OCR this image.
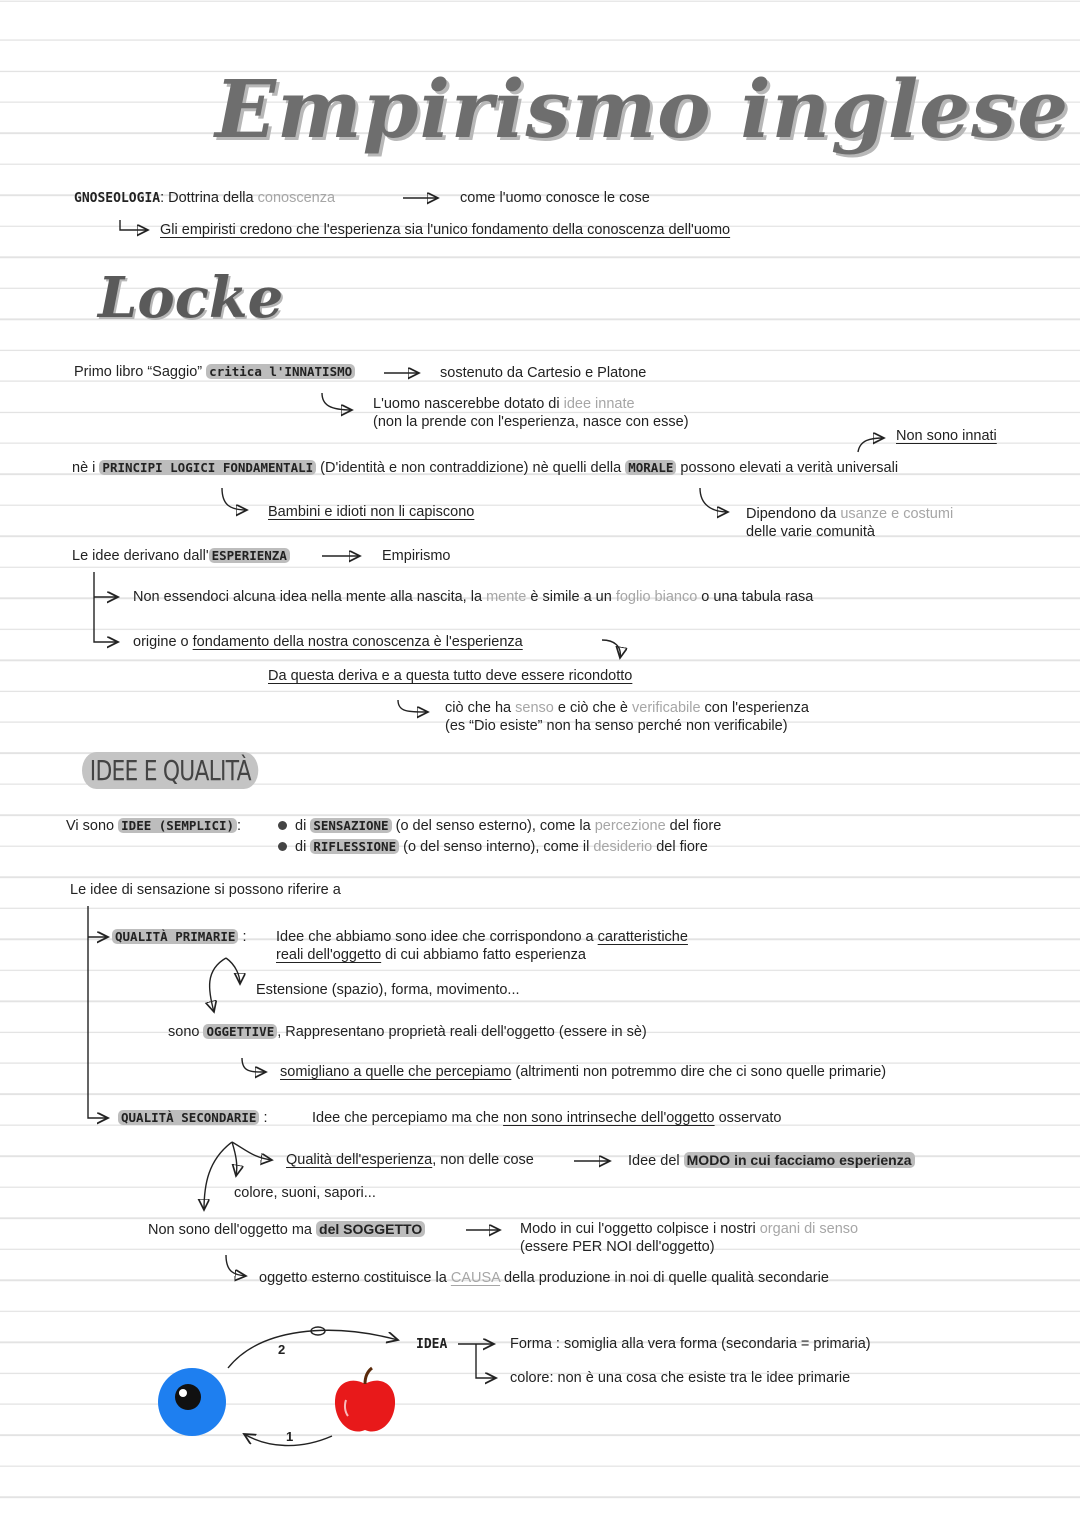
Empirismo inglese
GNOSEOLOGIA: Dottrina della conoscenza	come l'uomo conosce le cose
Gli empiristi credono che l'esperienza sia l'unico fondamento della conoscenza dell'uomo
Locke
Primo libro “Saggio” critica l'INNATISMO	sostenuto da Cartesio e Platone
L'uomo nascerebbe dotato di idee innate
(non la prende con l'esperienza, nasce con esse)
Non sono innati
nè i PRINCIPI LOGICI FONDAMENTALI (D'identità e non contraddizione) nè quelli della MORALE possono elevati a verità universali
Bambini e idioti non li capiscono	Dipendono da usanze e costumi
delle varie comunità
Le idee derivano dall' ESPERIENZA	Empirismo
Non essendoci alcuna idea nella mente alla nascita, la mente è simile a un foglio bianco o una tabula rasa
origine o fondamento della nostra conoscenza è l'esperienza
Da questa deriva e a questa tutto deve essere ricondotto
ciò che ha senso e ciò che è verificabile con l'esperienza
(es “Dio esiste” non ha senso perché non verificabile)
IDEE E QUALITÀ
Vi sono IDEE (SEMPLICI) :	di SENSAZIONE (o del senso esterno), come la percezione del fiore
di RIFLESSIONE (o del senso interno), come il desiderio del fiore
Le idee di sensazione si possono riferire a
QUALITÀ PRIMARIE : Idee che abbiamo sono idee che corrispondono a caratteristiche
reali dell'oggetto di cui abbiamo fatto esperienza
Estensione (spazio), forma, movimento...
sono OGGETTIVE , Rappresentano proprietà reali dell'oggetto (essere in sè)
somigliano a quelle che percepiamo (altrimenti non potremmo dire che ci sono quelle primarie)
QUALITÀ SECONDARIE :	Idee che percepiamo ma che non sono intrinseche dell'oggetto osservato
Qualità dell'esperienza, non delle cose	Idee del MODO in cui facciamo esperienza
colore, suoni, sapori...
Non sono dell'oggetto ma del SOGGETTO	Modo in cui l'oggetto colpisce i nostri organi di senso
(essere PER NOI dell'oggetto)
oggetto esterno costituisce la CAUSA della produzione in noi di quelle qualità secondarie
IDEA	Forma : somiglia alla vera forma (secondaria = primaria)
colore: non è una cosa che esiste tra le idee primarie
2
1
